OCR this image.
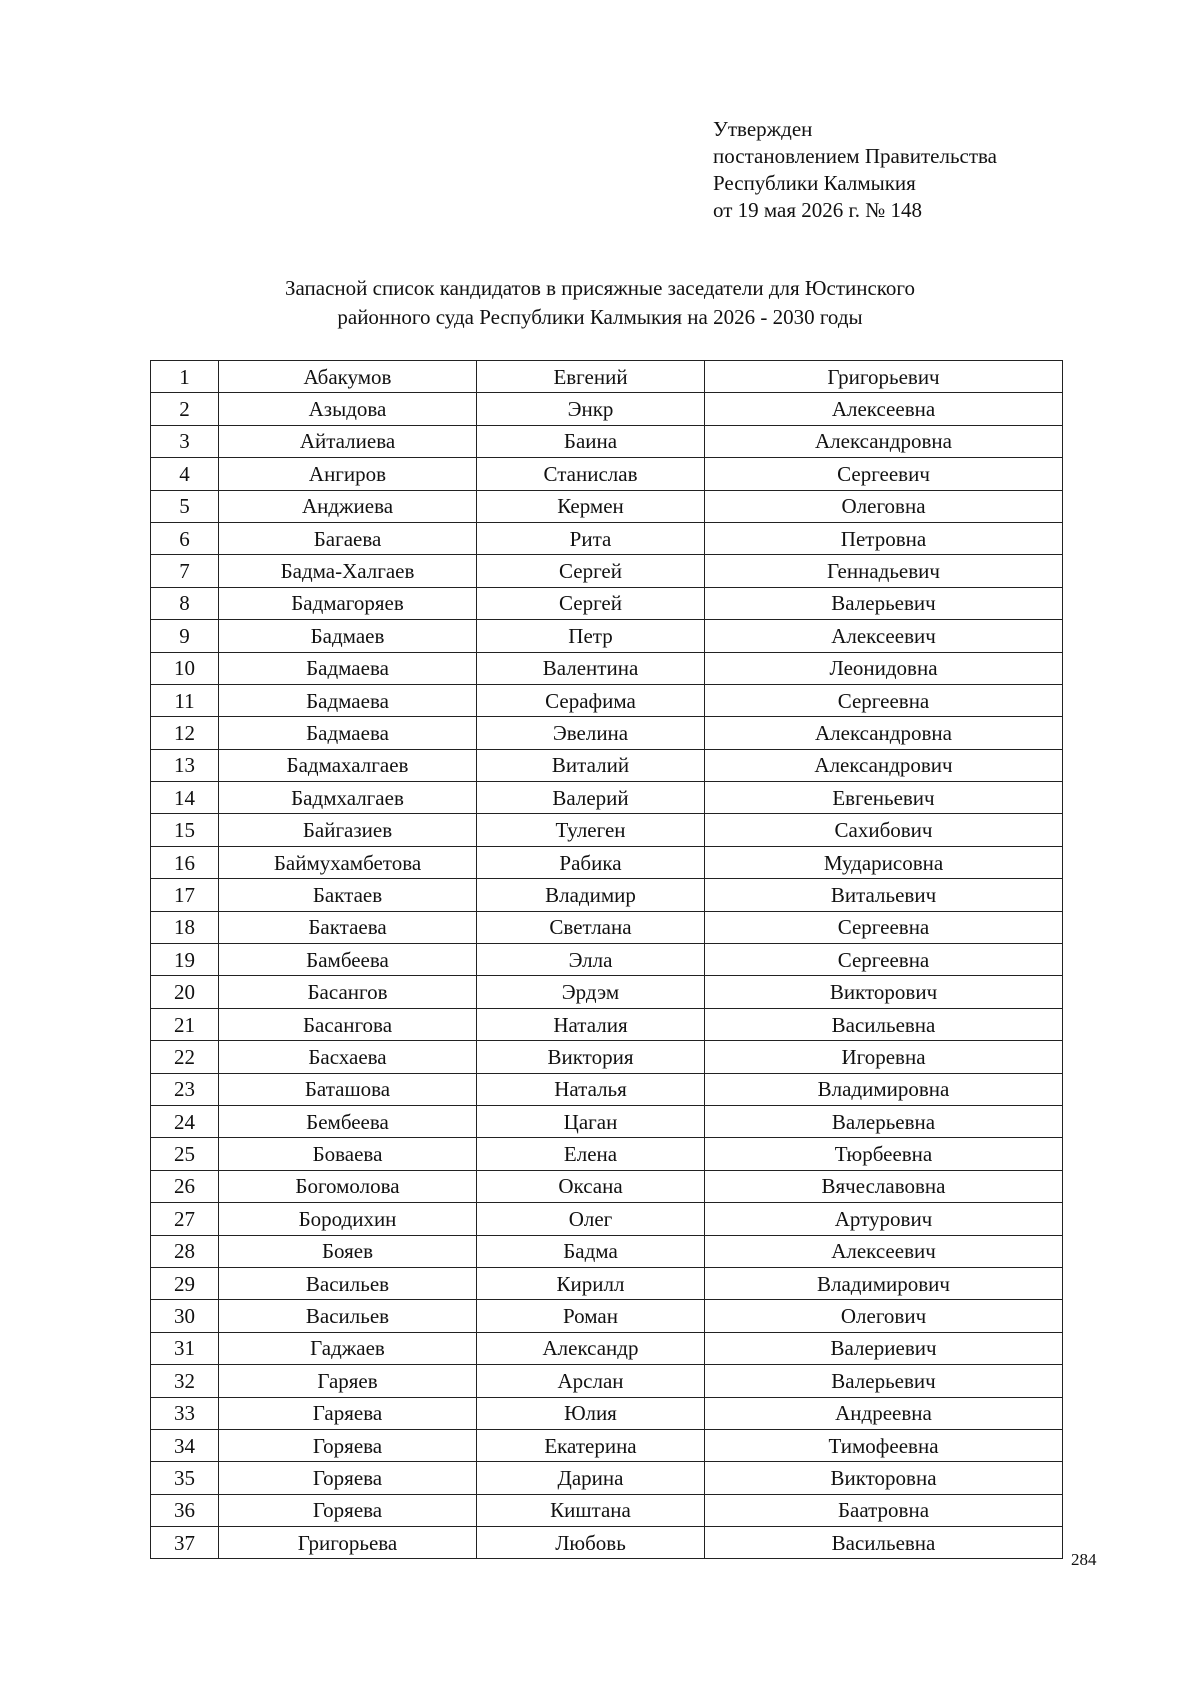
Утвержден
постановлением Правительства
Республики Калмыкия
от 19 мая 2026 г. № 148
Запасной список кандидатов в присяжные заседатели для Юстинского
районного суда Республики Калмыкия на 2026 - 2030 годы
1	Абакумов	Евгений	Григорьевич
2	Азыдова	Энкр	Алексеевна
3	Айталиева	Баина	Александровна
4	Ангиров	Станислав	Сергеевич
5	Анджиева	Кермен	Олеговна
6	Багаева	Рита	Петровна
7	Бадма-Халгаев	Сергей	Геннадьевич
8	Бадмагоряев	Сергей	Валерьевич
9	Бадмаев	Петр	Алексеевич
10	Бадмаева	Валентина	Леонидовна
11	Бадмаева	Серафима	Сергеевна
12	Бадмаева	Эвелина	Александровна
13	Бадмахалгаев	Виталий	Александрович
14	Бадмхалгаев	Валерий	Евгеньевич
15	Байгазиев	Тулеген	Сахибович
16	Баймухамбетова	Рабика	Мударисовна
17	Бактаев	Владимир	Витальевич
18	Бактаева	Светлана	Сергеевна
19	Бамбеева	Элла	Сергеевна
20	Басангов	Эрдэм	Викторович
21	Басангова	Наталия	Васильевна
22	Басхаева	Виктория	Игоревна
23	Баташова	Наталья	Владимировна
24	Бембеева	Цаган	Валерьевна
25	Боваева	Елена	Тюрбеевна
26	Богомолова	Оксана	Вячеславовна
27	Бородихин	Олег	Артурович
28	Бояев	Бадма	Алексеевич
29	Васильев	Кирилл	Владимирович
30	Васильев	Роман	Олегович
31	Гаджаев	Александр	Валериевич
32	Гаряев	Арслан	Валерьевич
33	Гаряева	Юлия	Андреевна
34	Горяева	Екатерина	Тимофеевна
35	Горяева	Дарина	Викторовна
36	Горяева	Киштана	Баатровна
37	Григорьева	Любовь	Васильевна
284
